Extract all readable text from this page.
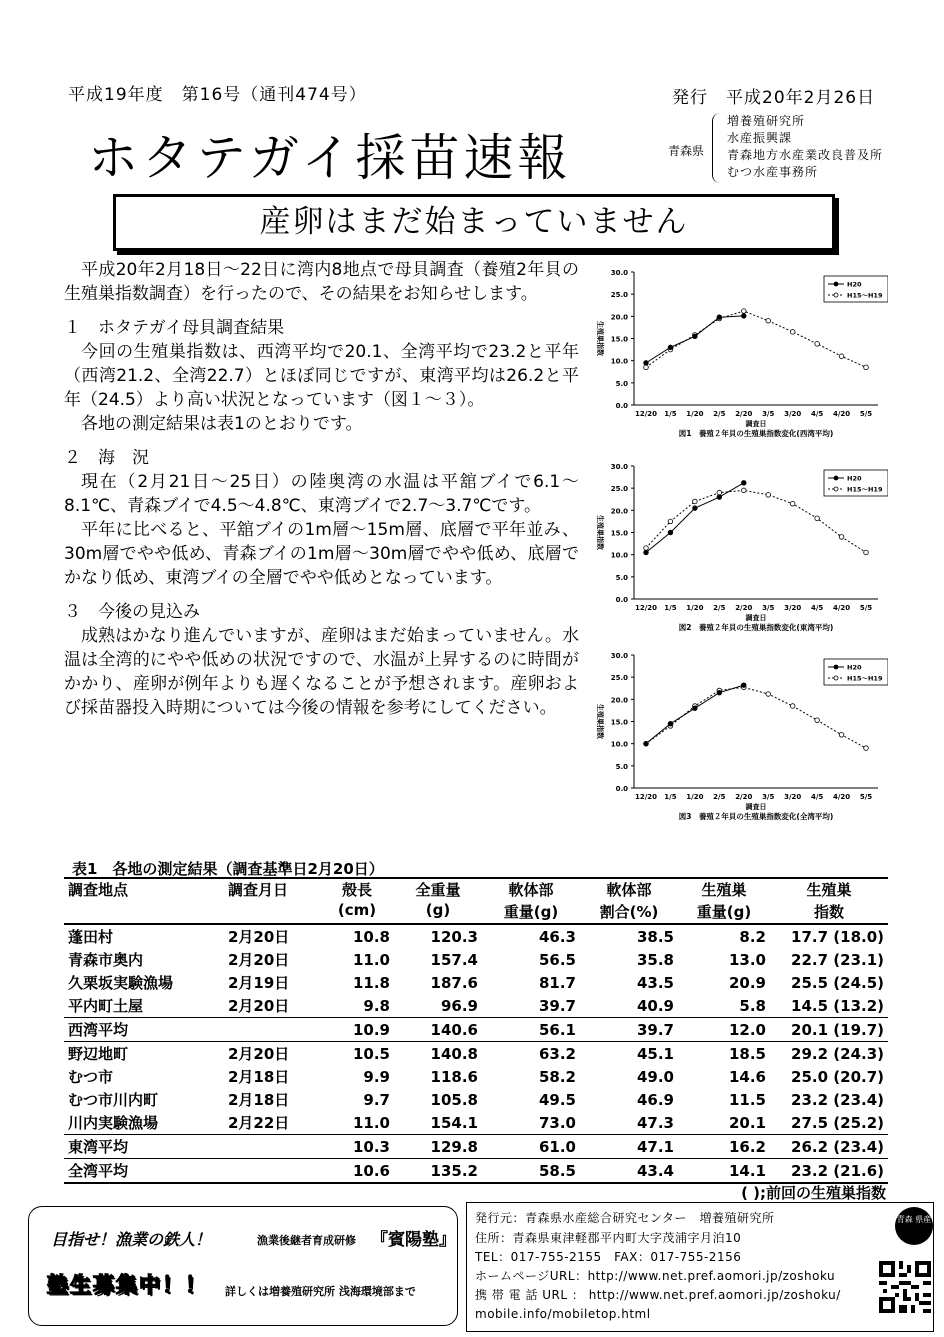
平成19年度　第16号（通刊474号）	発行　平成20年2月26日
ホタテガイ採苗速報	青森県
増養殖研究所
水産振興課
青森地方水産業改良普及所
むつ水産事務所
産卵はまだ始まっていません

平成20年2月18日～22日に湾内8地点で母貝調査（養殖2年貝の生殖巣指数調査）を行ったので、その結果をお知らせします。

１　ホタテガイ母貝調査結果

今回の生殖巣指数は、西湾平均で20.1、全湾平均で23.2と平年（西湾21.2、全湾22.7）とほぼ同じですが、東湾平均は26.2と平年（24.5）より高い状況となっています（図１～３）。

各地の測定結果は表1のとおりです。

２　海　況

現在（2月21日～25日）の陸奥湾の水温は平舘ブイで6.1～8.1℃、青森ブイで4.5～4.8℃、東湾ブイで2.7～3.7℃です。

平年に比べると、平舘ブイの1m層～15m層、底層で平年並み、30m層でやや低め、青森ブイの1m層～30m層でやや低め、底層でかなり低め、東湾ブイの全層でやや低めとなっています。

３　今後の見込み

成熟はかなり進んでいますが、産卵はまだ始まっていません。水温は全湾的にやや低めの状況ですので、水温が上昇するのに時間がかかり、産卵が例年よりも遅くなることが予想されます。産卵および採苗器投入時期については今後の情報を参考にしてください。

0.0
5.0
10.0
15.0
20.0
25.0
30.0
12/20 1/5 1/20 2/5 2/20 3/5 3/20 4/5 4/20 5/5
生殖巣指数
調査日
図1　養殖２年貝の生殖巣指数変化(西湾平均)
H20
H15～H19
0.0
5.0
10.0
15.0
20.0
25.0
30.0
12/20 1/5 1/20 2/5 2/20 3/5 3/20 4/5 4/20 5/5
生殖巣指数
調査日
図2　養殖２年貝の生殖巣指数変化(東湾平均)
H20
H15～H19
0.0
5.0
10.0
15.0
20.0
25.0
30.0
12/20 1/5 1/20 2/5 2/20 3/5 3/20 4/5 4/20 5/5
生殖巣指数
調査日
図3　養殖２年貝の生殖巣指数変化(全湾平均)
H20
H15～H19
表1　各地の測定結果（調査基準日2月20日）
調査地点	調査月日	殻長	全重量	軟体部	軟体部	生殖巣	生殖巣
		(cm)	(g)	重量(g)	割合(%)	重量(g)	指数
蓬田村	2月20日	10.8	120.3	46.3	38.5	8.2	17.7 (18.0)
青森市奥内	2月20日	11.0	157.4	56.5	35.8	13.0	22.7 (23.1)
久栗坂実験漁場	2月19日	11.8	187.6	81.7	43.5	20.9	25.5 (24.5)
平内町土屋	2月20日	9.8	96.9	39.7	40.9	5.8	14.5 (13.2)
西湾平均		10.9	140.6	56.1	39.7	12.0	20.1 (19.7)
野辺地町	2月20日	10.5	140.8	63.2	45.1	18.5	29.2 (24.3)
むつ市	2月18日	9.9	118.6	58.2	49.0	14.6	25.0 (20.7)
むつ市川内町	2月18日	9.7	105.8	49.5	46.9	11.5	23.2 (23.4)
川内実験漁場	2月22日	11.0	154.1	73.0	47.3	20.1	27.5 (25.2)
東湾平均		10.3	129.8	61.0	47.1	16.2	26.2 (23.4)
全湾平均		10.6	135.2	58.5	43.4	14.1	23.2 (21.6)
( );前回の生殖巣指数
目指せ！漁業の鉄人！	漁業後継者育成研修 『賓陽塾』
塾生募集中！！ 詳しくは増養殖研究所 浅海環境部まで
発行元：青森県水産総合研究センター　増養殖研究所
住所：青森県東津軽郡平内町大字茂浦字月泊10
TEL：017-755-2155　FAX：017-755-2156
ホームページURL：http://www.net.pref.aomori.jp/zoshoku
携 帯 電 話 URL ： http://www.net.pref.aomori.jp/zoshoku/
mobile.info/mobiletop.html
青森 県産
